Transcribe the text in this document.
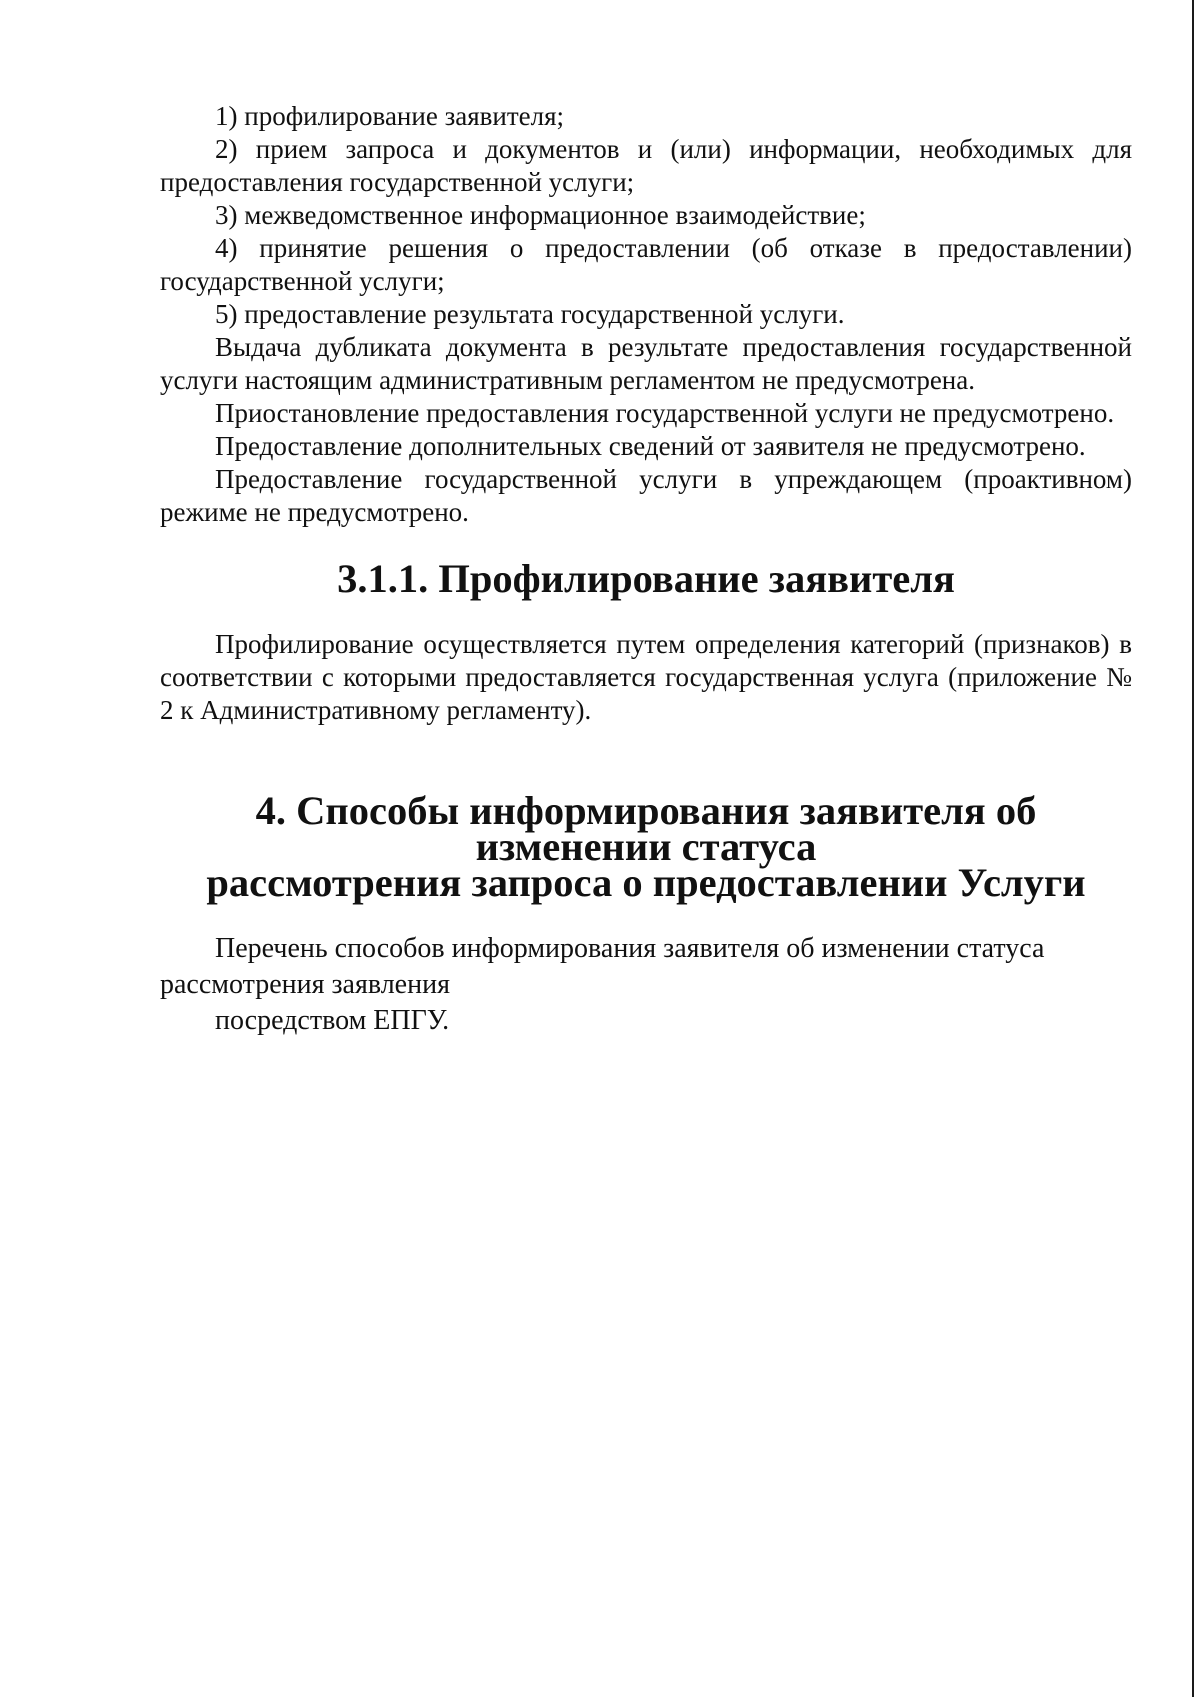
1) профилирование заявителя;

2) прием запроса и документов и (или) информации, необходимых для предоставления государственной услуги;

3) межведомственное информационное взаимодействие;

4) принятие решения о предоставлении (об отказе в предоставлении) государственной услуги;

5) предоставление результата государственной услуги.

Выдача дубликата документа в результате предоставления государственной услуги настоящим административным регламентом не предусмотрена.

Приостановление предоставления государственной услуги не предусмотрено.

Предоставление дополнительных сведений от заявителя не предусмотрено.

Предоставление государственной услуги в упреждающем (проактивном) режиме не предусмотрено.

3.1.1. Профилирование заявителя

Профилирование осуществляется путем определения категорий (признаков) в соответствии с которыми предоставляется государственная услуга (приложение № 2 к Административному регламенту).

4. Способы информирования заявителя об изменении статуса
рассмотрения запроса о предоставлении Услуги

Перечень способов информирования заявителя об изменении статуса рассмотрения заявления

посредством ЕПГУ.
